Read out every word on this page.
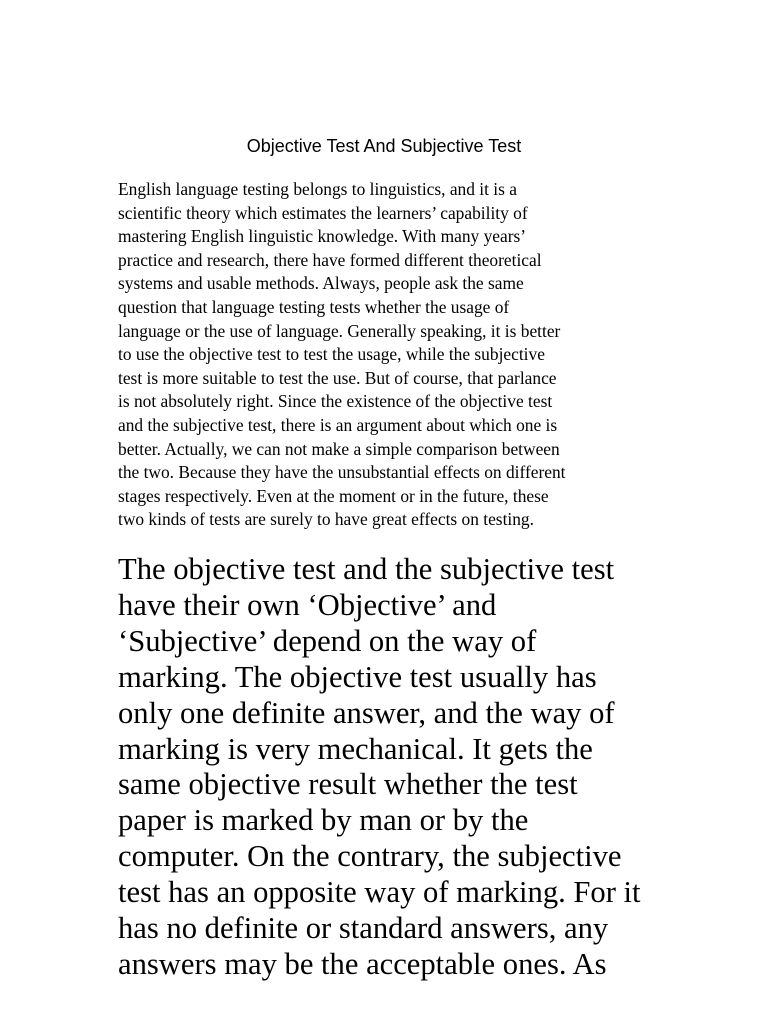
Objective Test And Subjective Test

English language testing belongs to linguistics, and it is a
scientific theory which estimates the learners’ capability of
mastering English linguistic knowledge. With many years’
practice and research, there have formed different theoretical
systems and usable methods. Always, people ask the same
question that language testing tests whether the usage of
language or the use of language. Generally speaking, it is better
to use the objective test to test the usage, while the subjective
test is more suitable to test the use. But of course, that parlance
is not absolutely right. Since the existence of the objective test
and the subjective test, there is an argument about which one is
better. Actually, we can not make a simple comparison between
the two. Because they have the unsubstantial effects on different
stages respectively. Even at the moment or in the future, these
two kinds of tests are surely to have great effects on testing.

The objective test and the subjective test
have their own ‘Objective’ and
‘Subjective’ depend on the way of
marking. The objective test usually has
only one definite answer, and the way of
marking is very mechanical. It gets the
same objective result whether the test
paper is marked by man or by the
computer. On the contrary, the subjective
test has an opposite way of marking. For it
has no definite or standard answers, any
answers may be the acceptable ones. As
